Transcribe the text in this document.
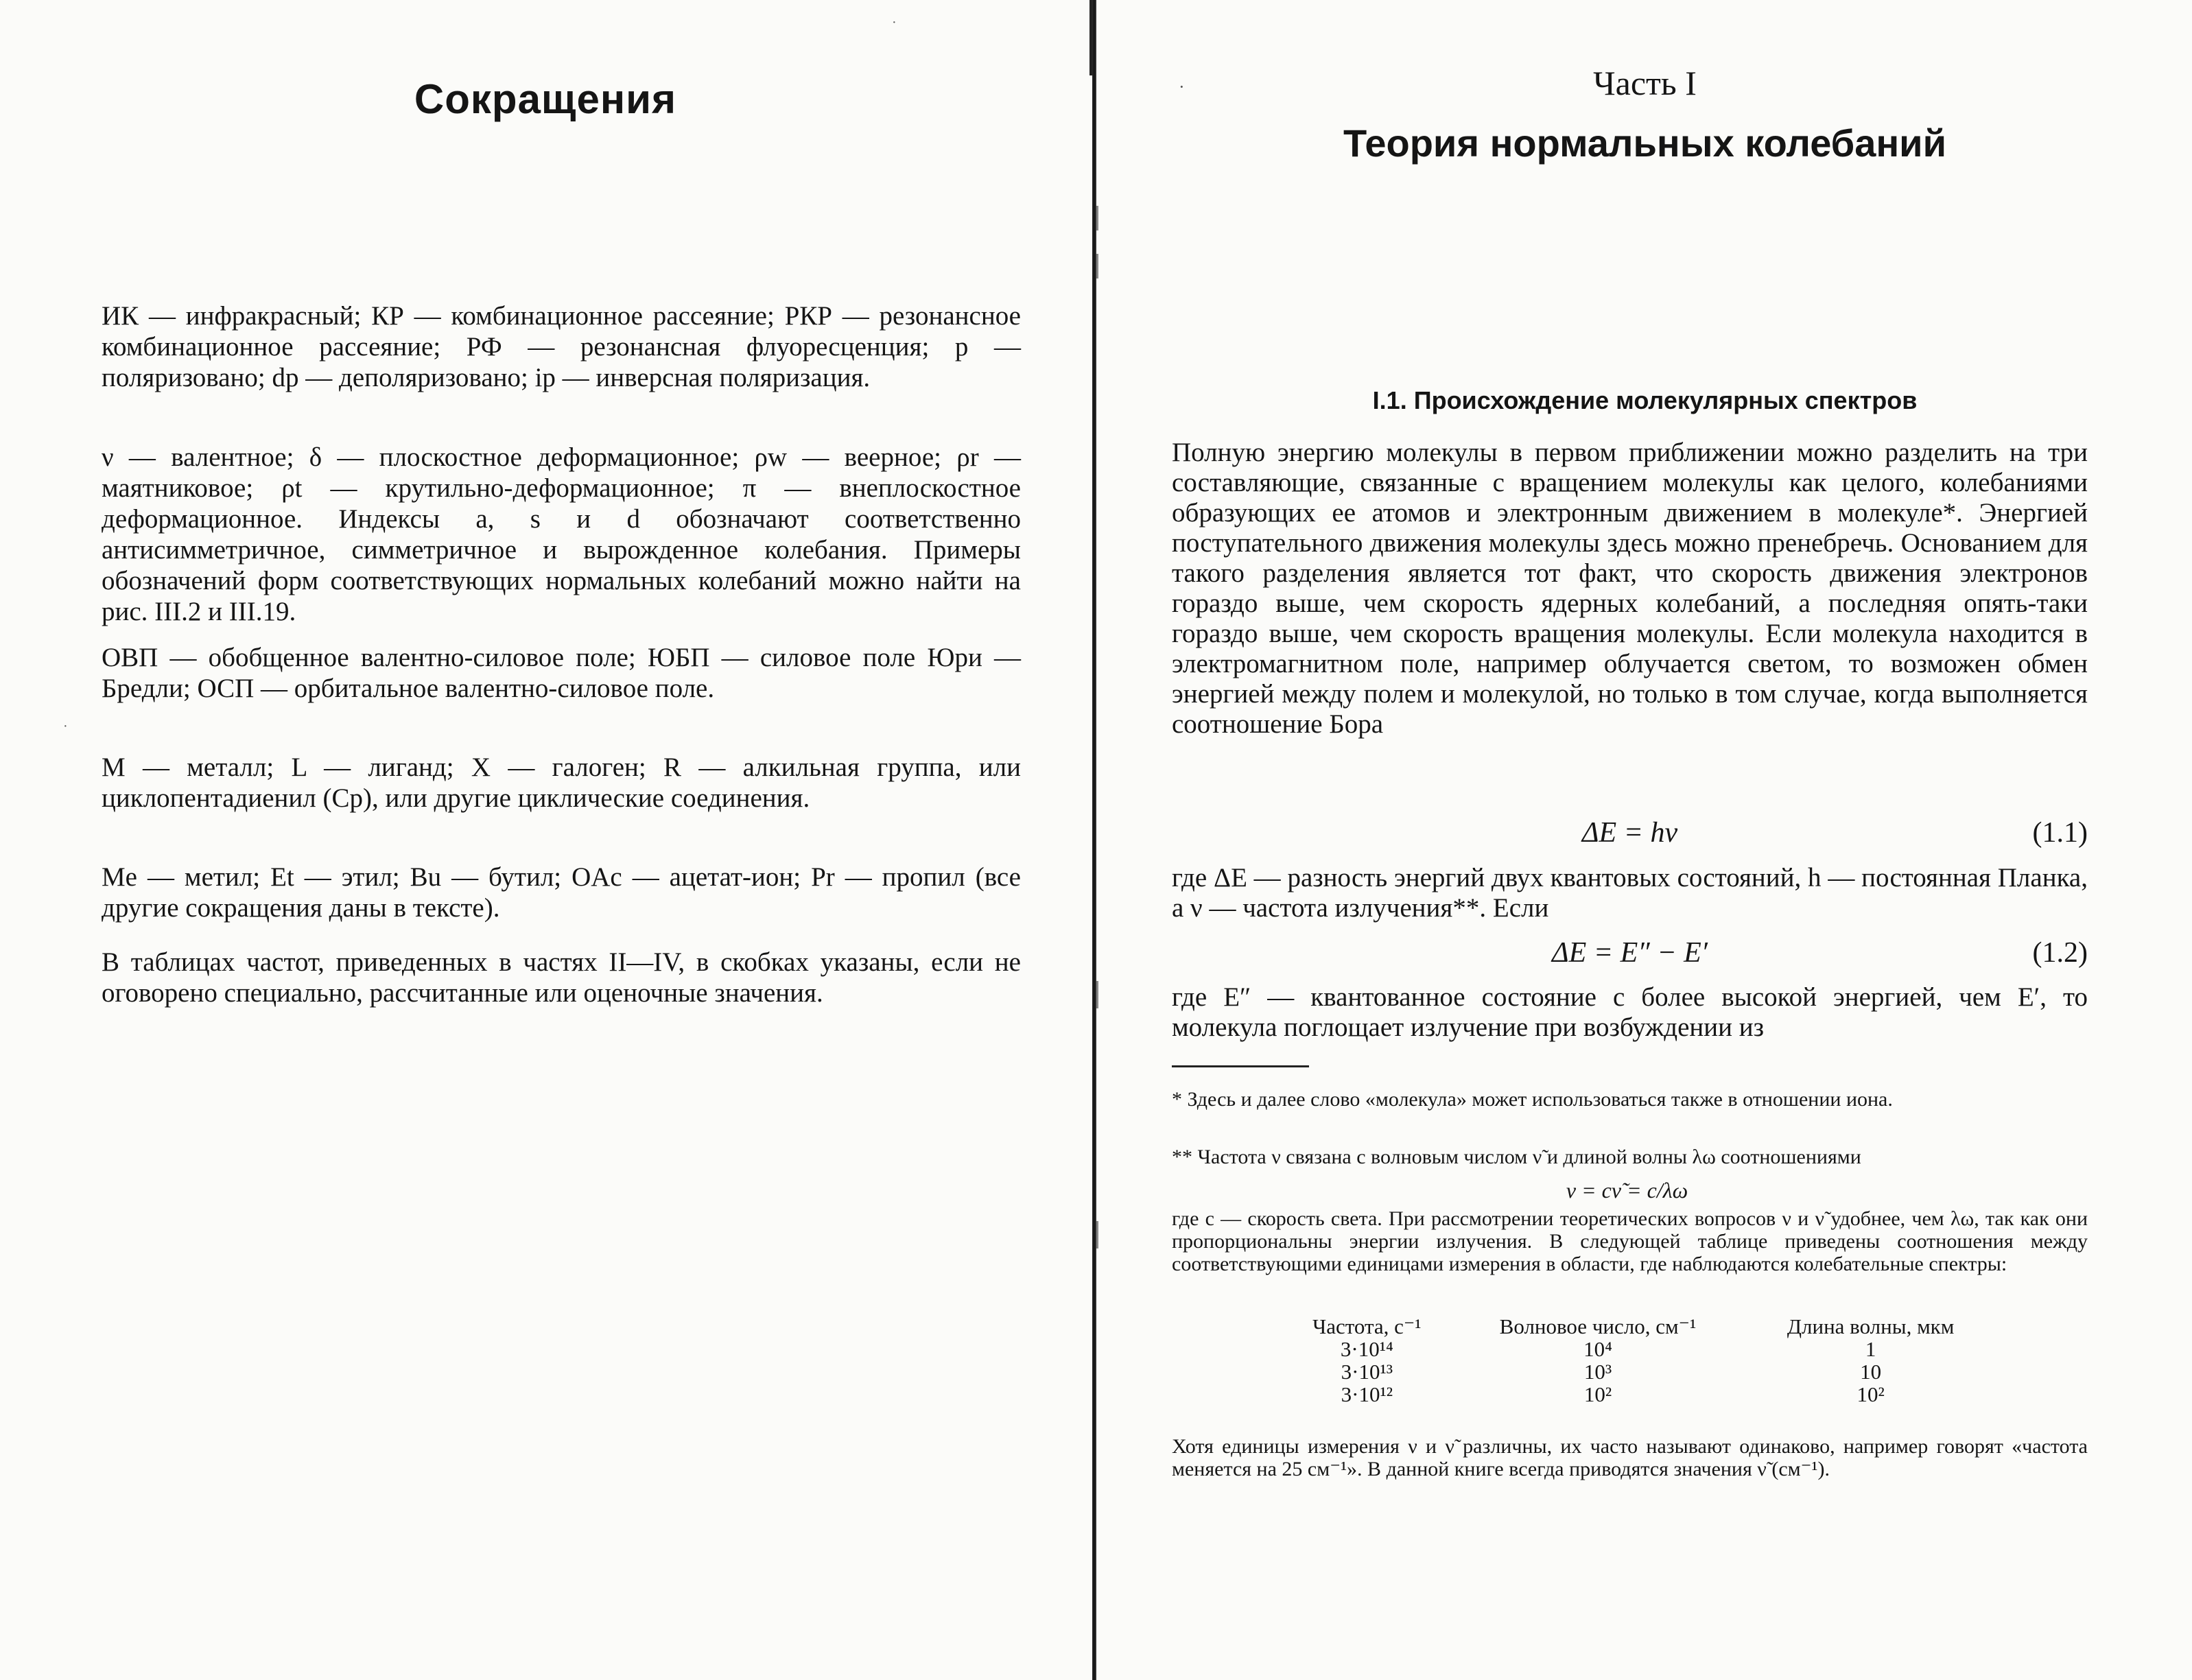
Сокращения

ИК — инфракрасный; КР — комбинационное рассеяние; РКР — резонансное комбинационное рассеяние; РФ — резонансная флуоресценция; p — поляризовано; dp — деполяризовано; ip — инверсная поляризация.

ν — валентное; δ — плоскостное деформационное; ρw — веерное; ρr — маятниковое; ρt — крутильно-деформационное; π — внеплоскостное деформационное. Индексы a, s и d обозначают соответственно антисимметричное, симметричное и вырожденное колебания. Примеры обозначений форм соответствующих нормальных колебаний можно найти на рис. III.2 и III.19.

ОВП — обобщенное валентно-силовое поле; ЮБП — силовое поле Юри — Бредли; ОСП — орбитальное валентно-силовое поле.

M — металл; L — лиганд; X — галоген; R — алкильная группа, или циклопентадиенил (Cp), или другие циклические соединения.

Me — метил; Et — этил; Bu — бутил; OAc — ацетат-ион; Pr — пропил (все другие сокращения даны в тексте).

В таблицах частот, приведенных в частях II—IV, в скобках указаны, если не оговорено специально, рассчитанные или оценочные значения.

Часть I
Теория нормальных колебаний
I.1. Происхождение молекулярных спектров

Полную энергию молекулы в первом приближении можно разделить на три составляющие, связанные с вращением молекулы как целого, колебаниями образующих ее атомов и электронным движением в молекуле*. Энергией поступательного движения молекулы здесь можно пренебречь. Основанием для такого разделения является тот факт, что скорость движения электронов гораздо выше, чем скорость ядерных колебаний, а последняя опять-таки гораздо выше, чем скорость вращения молекулы. Если молекула находится в электромагнитном поле, например облучается светом, то возможен обмен энергией между полем и молекулой, но только в том случае, когда выполняется соотношение Бора

ΔE = hν	(1.1)

где ΔE — разность энергий двух квантовых состояний, h — постоянная Планка, а ν — частота излучения**. Если

ΔE = E″ − E′	(1.2)

где E″ — квантованное состояние с более высокой энергией, чем E′, то молекула поглощает излучение при возбуждении из

* Здесь и далее слово «молекула» может использоваться также в отношении иона.

** Частота ν связана с волновым числом ν̃ и длиной волны λω соотношениями

ν = cν̃ = c/λω

где c — скорость света. При рассмотрении теоретических вопросов ν и ν̃ удобнее, чем λω, так как они пропорциональны энергии излучения. В следующей таблице приведены соотношения между соответствующими единицами измерения в области, где наблюдаются колебательные спектры:

Частота, с⁻¹	Волновое число, см⁻¹	Длина волны, мкм
3·10¹⁴	10⁴	1
3·10¹³	10³	10
3·10¹²	10²	10²

Хотя единицы измерения ν и ν̃ различны, их часто называют одинаково, например говорят «частота меняется на 25 см⁻¹». В данной книге всегда приводятся значения ν̃ (см⁻¹).

·
·
·
